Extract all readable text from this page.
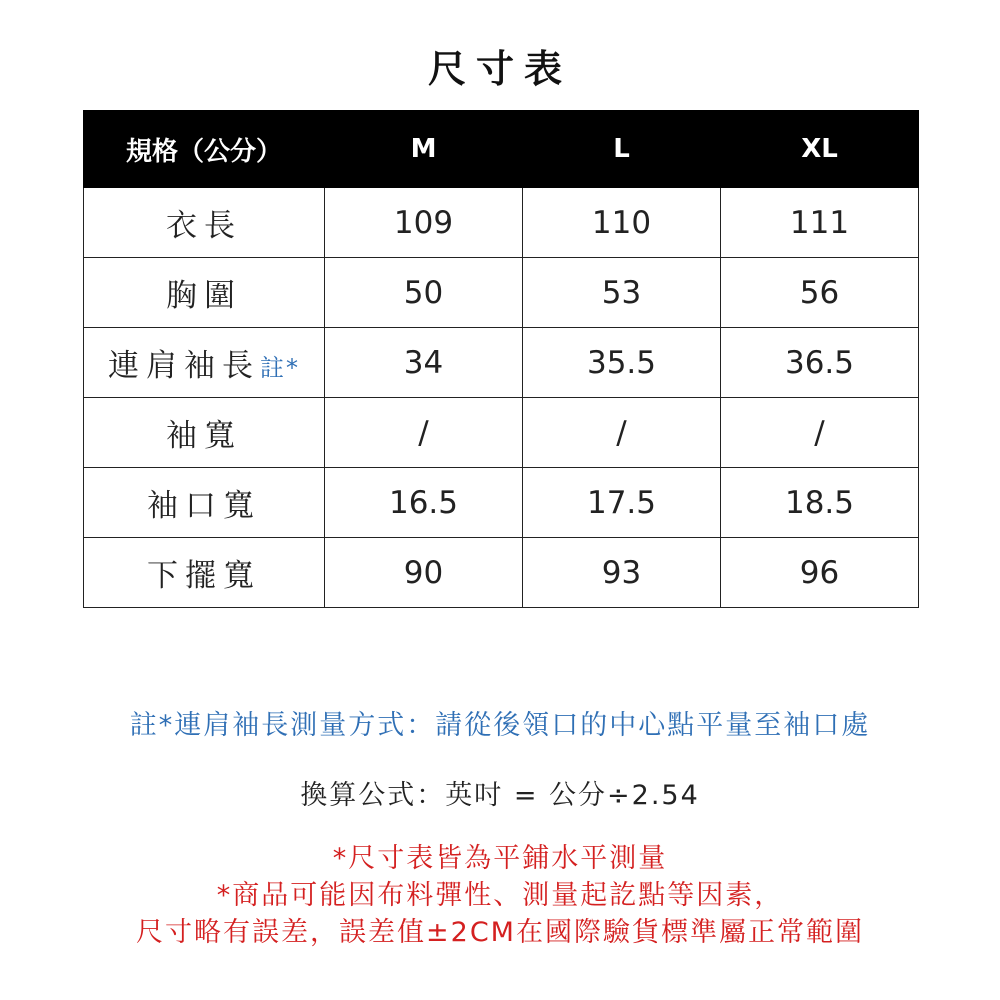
尺寸表
規格（公分）	M	L	XL
衣長	109	110	111
胸圍	50	53	56
連肩袖長註*	34	35.5	36.5
袖寬	/	/	/
袖口寬	16.5	17.5	18.5
下擺寬	90	93	96
註*連肩袖長測量方式：請從後領口的中心點平量至袖口處
換算公式：英吋 = 公分÷2.54
*尺寸表皆為平鋪水平測量
*商品可能因布料彈性、測量起訖點等因素，
尺寸略有誤差，誤差值±2CM在國際驗貨標準屬正常範圍
